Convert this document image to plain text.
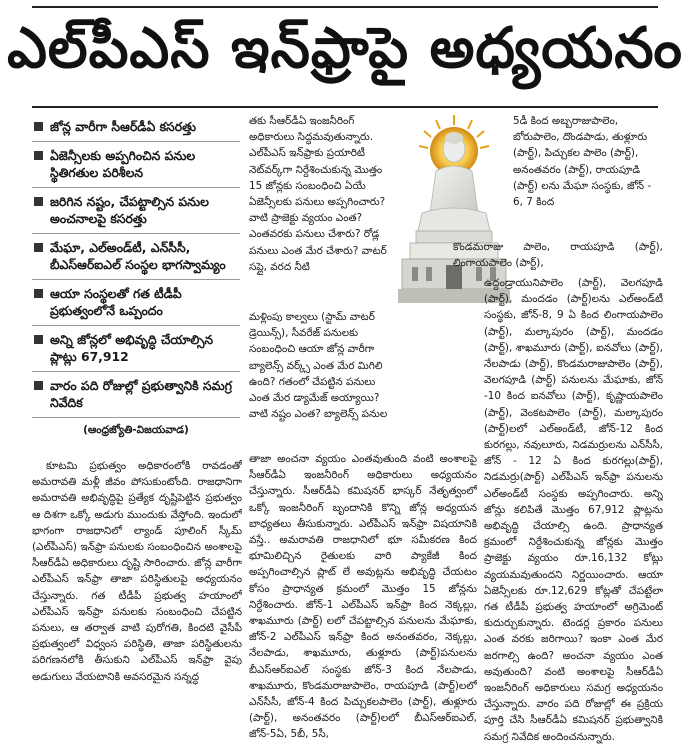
ఎల్‌పీఎస్ ఇన్‌ఫ్రాపై అధ్యయనం
జోన్ల వారీగా సీఆర్‌డీఏ కసరత్తు
ఏజెన్సీలకు అప్పగించిన పనుల స్థితిగతుల పరిశీలన
జరిగిన నష్టం, చేపట్టాల్సిన పనుల అంచనాలపై కసరత్తు
మేఘా, ఎల్‌అండ్‌టీ, ఎన్‌సీసీ, బీఎస్‌ఆర్‌ఐఎల్ సంస్థల భాగస్వామ్యం
ఆయా సంస్థలతో గత టీడీపీ ప్రభుత్వంలోనే ఒప్పందం
అన్ని జోన్లలో అభివృద్ధి చేయాల్సిన ప్లాట్లు 67,912
వారం పది రోజుల్లో ప్రభుత్వానికి సమగ్ర నివేదిక
(ఆంధ్రజ్యోతి-విజయవాడ)

కూటమి ప్రభుత్వం అధికారంలోకి రావడంతో అమరావతి మళ్లీ జీవం పోసుకుంటోంది. రాజధానిగా అమరావతి అభివృద్ధిపై ప్రత్యేక దృష్టిపెట్టిన ప్రభుత్వం ఆ దిశగా ఒక్కో అడుగు ముందుకు వేస్తోంది. ఇందులో భాగంగా రాజధానిలో ల్యాండ్ పూలింగ్ స్కీమ్ (ఎల్‌పీఎస్) ఇన్‌ఫ్రా పనులకు సంబంధించిన అంశాలపై సీఆర్‌డీఏ అధికారులు దృష్టి సారించారు. జోన్ల వారీగా ఎల్‌పీఎస్ ఇన్‌ఫ్రా తాజా పరిస్థితులపై అధ్యయనం చేస్తున్నారు. గత టీడీపీ ప్రభుత్వ హయాంలో ఎల్‌పీఎస్ ఇన్‌ఫ్రా పనులకు సంబంధించి చేపట్టిన పనులు, ఆ తర్వాత వాటి పురోగతి, కిందటి వైసీపీ ప్రభుత్వంలో విధ్వంస పరిస్థితి, తాజా పరిస్థితులను పరిగణనలోకి తీసుకుని ఎల్‌పీఎస్ ఇన్‌ఫ్రా వైపు అడుగులు వేయటానికి అవసరమైన సన్నద్ధ

తకు సీఆర్‌డీఏ ఇంజనీరింగ్ అధికారులు సిద్ధమవుతున్నారు. ఎల్‌పీఎస్ ఇన్‌ఫ్రాకు ప్రయారిటీ నెట్‌వర్క్‌గా నిర్దేశించుకున్న మొత్తం 15 జోన్లకు సంబంధించి ఏయే ఏజెన్సీలకు పనులు అప్పగించారు? వాటి ప్రాజెక్టు వ్యయం ఎంత? ఎంతవరకు పనులు చేశారు? రోడ్ల పనులు ఎంత మేర చేశారు? వాటర్ సప్లై, వరద నీటి

మళ్లింపు కాల్వలు (స్టామ్ వాటర్ డ్రెయిన్స్), సీవరేజ్ పనులకు సంబంధించి ఆయా జోన్ల వారీగా బ్యాలెన్స్ వర్క్స్ ఎంత మేర మిగిలి ఉంది? గతంలో చేపట్టిన పనులు ఎంత మేర డ్యామేజ్ అయ్యాయి? వాటి నష్టం ఎంత? బ్యాలెన్స్ పనుల

తాజా అంచనా వ్యయం ఎంతవుతుంది వంటి అంశాలపై సీఆర్‌డీఏ ఇంజనీరింగ్ అధికారులు అధ్యయనం చేస్తున్నారు. సీఆర్‌డీఏ కమిషనర్ భాస్కర్ నేతృత్వంలో ఒక్కో ఇంజనీరింగ్ బృందానికి కొన్ని జోన్ల అధ్యయన బాధ్యతలు తీసుకున్నారు. ఎల్‌పీఎస్ ఇన్‌ఫ్రా విషయానికి వస్తే.. అమరావతి రాజధానిలో భూ సమీకరణ కింద భూమిలిచ్చిన రైతులకు వారి ప్యాకేజీ కింద అప్పగించాల్సిన ప్లాట్ లే అవుట్లను అభివృద్ధి చేయటం కోసం ప్రాధాన్యత క్రమంలో మొత్తం 15 జోన్లను నిర్దేశించారు. జోన్-1 ఎల్‌పీఎస్ ఇన్‌ఫ్రా కింద నెక్కల్లు, శాఖమూరు (పార్ట్) లలో చేపట్టాల్సిన పనులను మేఘాకు, జోన్-2 ఎల్‌పీఎస్ ఇన్‌ఫ్రా కింద అనంతవరం, నెక్కల్లు, నేలపాడు, శాఖమూరు, తుళ్లూరు (పార్ట్)పనులను బీఎస్‌ఆర్‌ఐఎల్ సంస్థకు జోన్-3 కింద నేలపాడు, శాఖమూరు, కొండమరాజుపాలెం, రాయపూడి (పార్ట్)లలో ఎన్‌సీసీ, జోన్-4 కింద పిచ్చుకలపాలెం (పార్ట్), తుళ్లూరు (పార్ట్), అనంతవరం (పార్ట్)లలో బీఎస్‌ఆర్‌ఐఎల్, జోన్-5ఏ, 5బీ, 5సీ,

5డీ కింద అబ్బరాజుపాలెం, బోరుపాలెం, దొండపాడు, తుళ్లూరు (పార్ట్), పిచ్చుకల పాలెం (పార్ట్), అనంతవరం (పార్ట్), రాయపూడి (పార్ట్) లను మేఘా సంస్థకు, జోన్ - 6, 7 కింద

కొండమరాజు పాలెం, రాయపూడి (పార్ట్), లింగాయపాలెం (పార్ట్),

ఉద్దండ్రాయునిపాలెం (పార్ట్), వెలగపూడి (పార్ట్), మందడం (పార్ట్)లను ఎల్‌అండ్‌టీ సంస్థకు, జోన్-8, 9 ఏ కింద లింగాయపాలెం (పార్ట్), మల్కాపురం (పార్ట్), మందడం (పార్ట్), శాఖమూరు (పార్ట్), ఐనవోలు (పార్ట్), నేలపాడు (పార్ట్), కొండమరాజుపాలెం (పార్ట్), వెలగపూడి (పార్ట్) పనులను మేఘాకు, జోన్ -10 కింద ఐనవోలు (పార్ట్), కృష్ణాయపాలెం (పార్ట్), వెంకటపాలెం (పార్ట్), మల్కాపురం (పార్ట్)లలో ఎల్‌అండ్‌టీ, జోన్-12 కింద కురగల్లు, నవులూరు, నిడమర్రులను ఎన్‌సీసీ, జోన్ - 12 ఏ కింద కురగల్లు(పార్ట్), నిడమర్రు(పార్ట్) ఎల్‌పీఎస్ ఇన్‌ఫ్రా పనులను ఎల్‌అండ్‌టీ సంస్థకు అప్పగించారు. అన్ని జోన్లు కలిపితే మొత్తం 67,912 ప్లాట్లను అభివృద్ధి చేయాల్సి ఉంది. ప్రాధాన్యత క్రమంలో నిర్దేశించుకున్న జోన్లకు మొత్తం ప్రాజెక్టు వ్యయం రూ.16,132 కోట్లు వ్యయమవుతుందని నిర్ణయించారు. ఆయా ఏజెన్సీలకు రూ.12,629 కోట్లతో చేపట్టేలా గత టీడీపీ ప్రభుత్వ హయాంలో అగ్రిమెంట్ కుదుర్చుకున్నారు. టెండర్ల ప్రకారం పనులు ఎంత వరకు జరిగాయి? ఇంకా ఎంత మేర జరగాల్సి ఉంది? అంచనా వ్యయం ఎంత అవుతుంది? వంటి అంశాలపై సీఆర్‌డీఏ ఇంజనీరింగ్ అధికారులు సమగ్ర అధ్యయనం చేస్తున్నారు. వారం పది రోజుల్లో ఈ ప్రక్రియ పూర్తి చేసి సీఆర్‌డీఏ కమిషనర్ ప్రభుత్వానికి సమగ్ర నివేదిక అందించనున్నారు.
